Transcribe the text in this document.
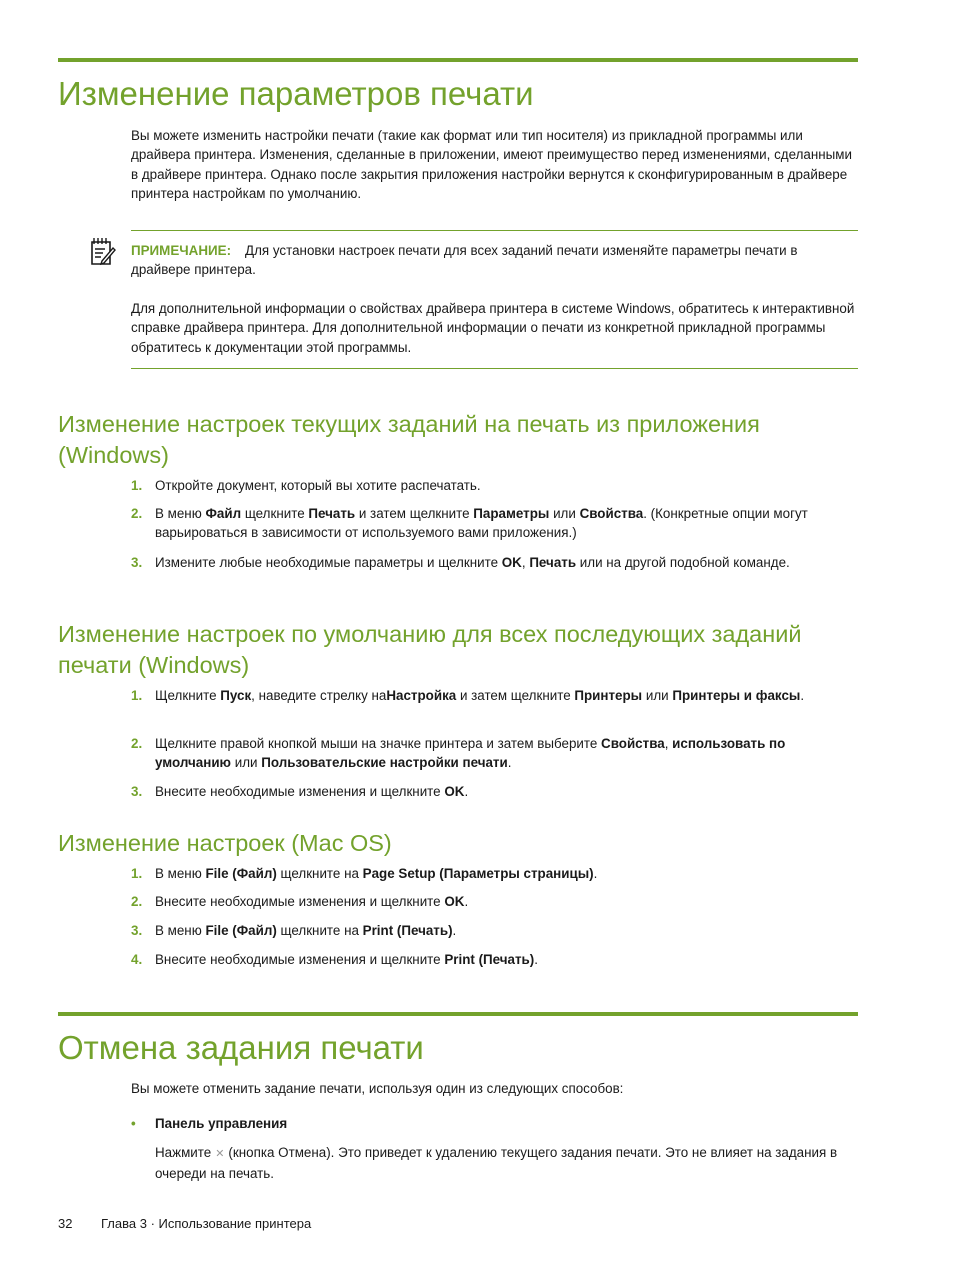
Изменение параметров печати

Вы можете изменить настройки печати (такие как формат или тип носителя) из прикладной программы или драйвера принтера. Изменения, сделанные в приложении, имеют преимущество перед изменениями, сделанными в драйвере принтера. Однако после закрытия приложения настройки вернутся к сконфигурированным в драйвере принтера настройкам по умолчанию.

ПРИМЕЧАНИЕ: Для установки настроек печати для всех заданий печати изменяйте параметры печати в драйвере принтера.

Для дополнительной информации о свойствах драйвера принтера в системе Windows, обратитесь к интерактивной справке драйвера принтера. Для дополнительной информации о печати из конкретной прикладной программы обратитесь к документации этой программы.

Изменение настроек текущих заданий на печать из приложения (Windows)
1. Откройте документ, который вы хотите распечатать.
2. В меню Файл щелкните Печать и затем щелкните Параметры или Свойства. (Конкретные опции могут варьироваться в зависимости от используемого вами приложения.)
3. Измените любые необходимые параметры и щелкните OK, Печать или на другой подобной команде.
Изменение настроек по умолчанию для всех последующих заданий печати (Windows)
1. Щелкните Пуск, наведите стрелку наНастройка и затем щелкните Принтеры или Принтеры и факсы.
2. Щелкните правой кнопкой мыши на значке принтера и затем выберите Свойства, использовать по умолчанию или Пользовательские настройки печати.
3. Внесите необходимые изменения и щелкните OK.
Изменение настроек (Mac OS)
1. В меню File (Файл) щелкните на Page Setup (Параметры страницы).
2. Внесите необходимые изменения и щелкните OK.
3. В меню File (Файл) щелкните на Print (Печать).
4. Внесите необходимые изменения и щелкните Print (Печать).
Отмена задания печати

Вы можете отменить задание печати, используя один из следующих способов:

• Панель управления

Нажмите ✕ (кнопка Отмена). Это приведет к удалению текущего задания печати. Это не влияет на задания в очереди на печать.

32 Глава 3 · Использование принтера
